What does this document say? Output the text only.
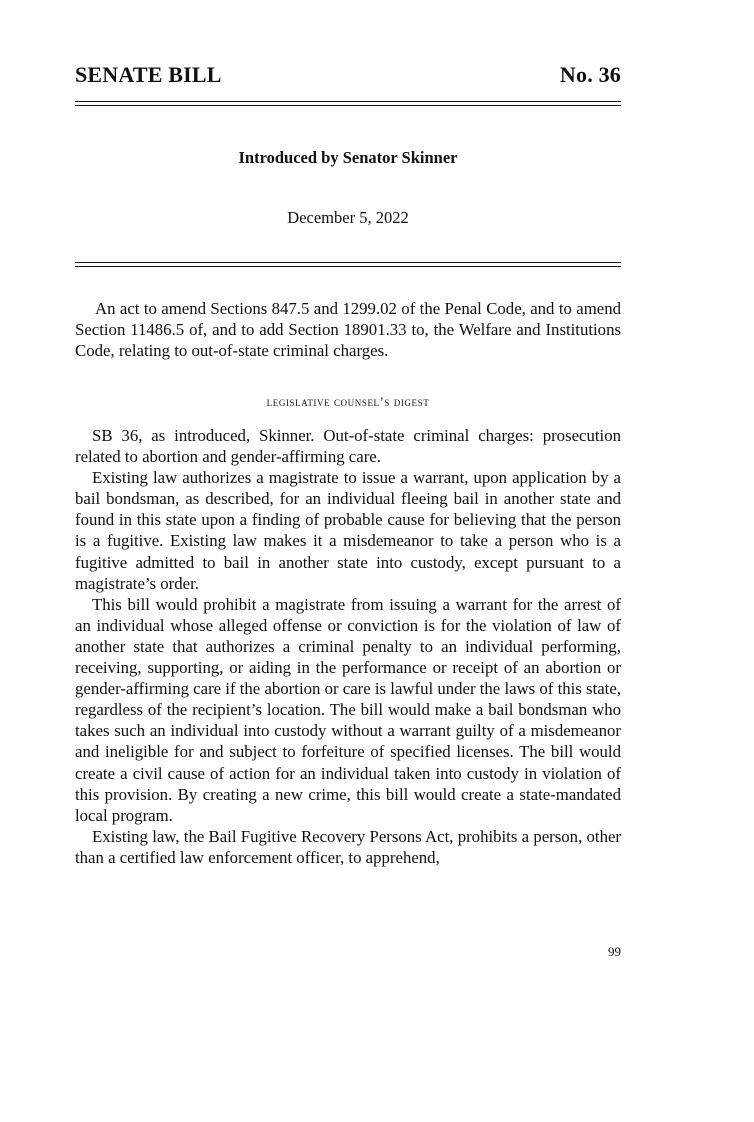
SENATE BILL	No. 36
Introduced by Senator Skinner
December 5, 2022

An act to amend Sections 847.5 and 1299.02 of the Penal Code, and to amend Section 11486.5 of, and to add Section 18901.33 to, the Welfare and Institutions Code, relating to out-of-state criminal charges.

legislative counsel’s digest

SB 36, as introduced, Skinner. Out-of-state criminal charges: prosecution related to abortion and gender-affirming care.

Existing law authorizes a magistrate to issue a warrant, upon application by a bail bondsman, as described, for an individual fleeing bail in another state and found in this state upon a finding of probable cause for believing that the person is a fugitive. Existing law makes it a misdemeanor to take a person who is a fugitive admitted to bail in another state into custody, except pursuant to a magistrate’s order.

This bill would prohibit a magistrate from issuing a warrant for the arrest of an individual whose alleged offense or conviction is for the violation of law of another state that authorizes a criminal penalty to an individual performing, receiving, supporting, or aiding in the performance or receipt of an abortion or gender-affirming care if the abortion or care is lawful under the laws of this state, regardless of the recipient’s location. The bill would make a bail bondsman who takes such an individual into custody without a warrant guilty of a misdemeanor and ineligible for and subject to forfeiture of specified licenses. The bill would create a civil cause of action for an individual taken into custody in violation of this provision. By creating a new crime, this bill would create a state-mandated local program.

Existing law, the Bail Fugitive Recovery Persons Act, prohibits a person, other than a certified law enforcement officer, to apprehend,

99
